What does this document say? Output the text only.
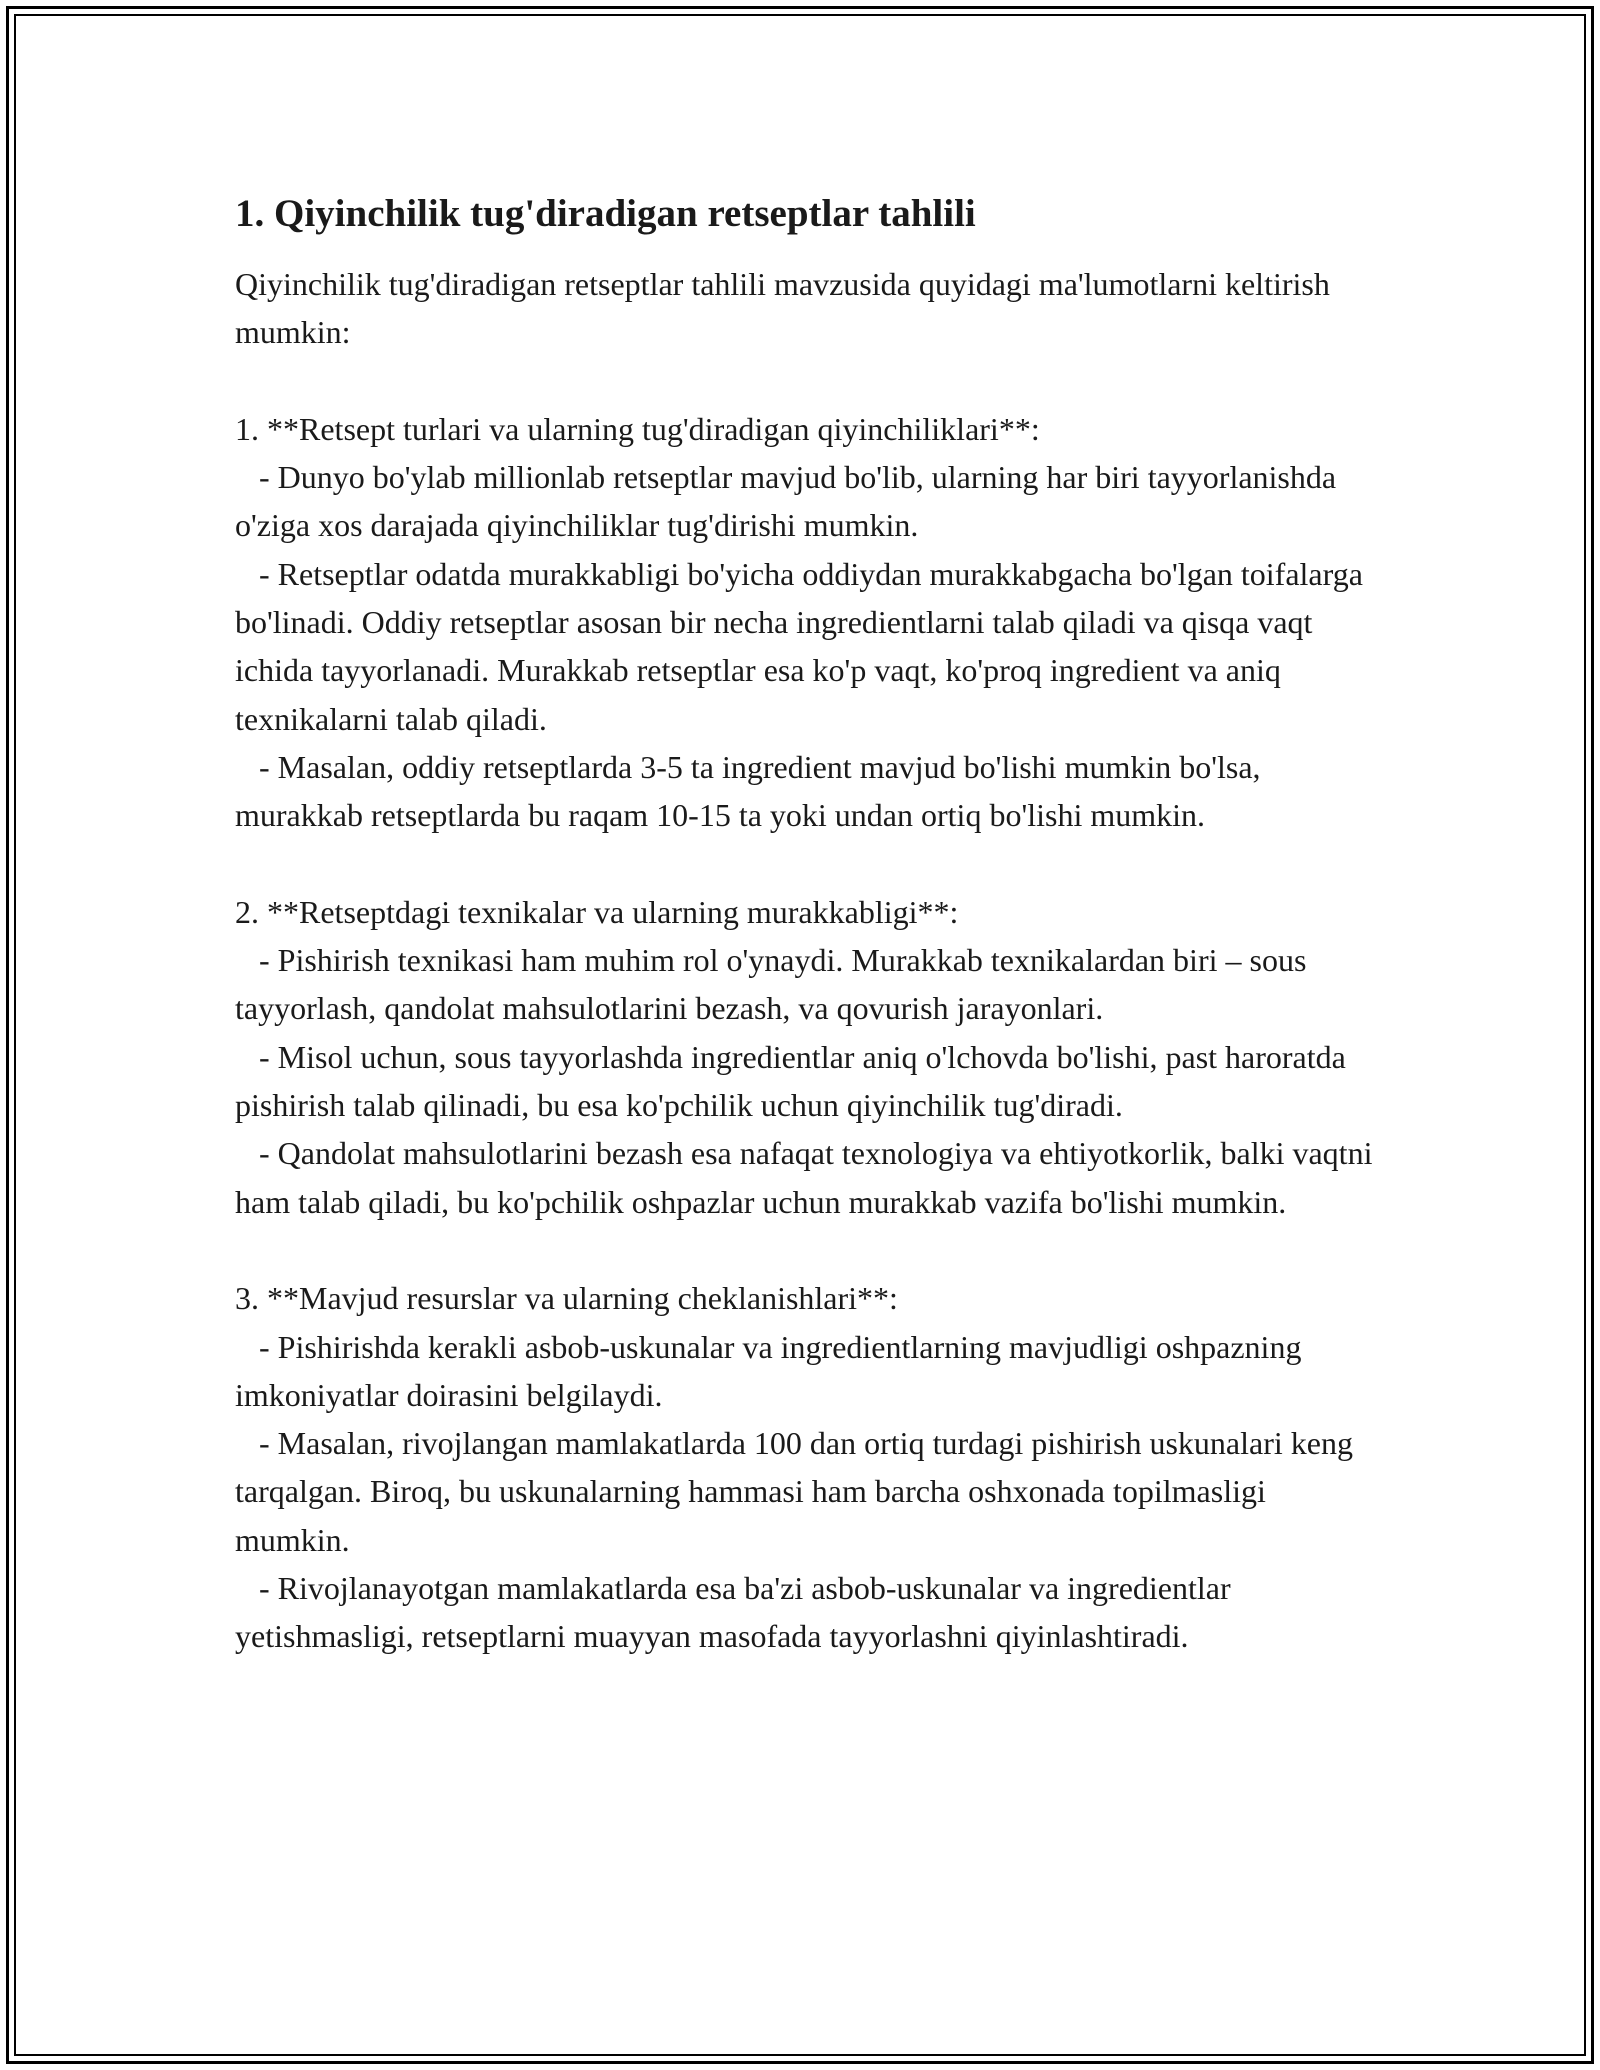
1. Qiyinchilik tug'diradigan retseptlar tahlili

Qiyinchilik tug'diradigan retseptlar tahlili mavzusida quyidagi ma'lumotlarni keltirish mumkin:

1. **Retsept turlari va ularning tug'diradigan qiyinchiliklari**:
- Dunyo bo'ylab millionlab retseptlar mavjud bo'lib, ularning har biri tayyorlanishda o'ziga xos darajada qiyinchiliklar tug'dirishi mumkin.
- Retseptlar odatda murakkabligi bo'yicha oddiydan murakkabgacha bo'lgan toifalarga bo'linadi. Oddiy retseptlar asosan bir necha ingredientlarni talab qiladi va qisqa vaqt ichida tayyorlanadi. Murakkab retseptlar esa ko'p vaqt, ko'proq ingredient va aniq texnikalarni talab qiladi.
- Masalan, oddiy retseptlarda 3-5 ta ingredient mavjud bo'lishi mumkin bo'lsa, murakkab retseptlarda bu raqam 10-15 ta yoki undan ortiq bo'lishi mumkin.

2. **Retseptdagi texnikalar va ularning murakkabligi**:
- Pishirish texnikasi ham muhim rol o'ynaydi. Murakkab texnikalardan biri – sous tayyorlash, qandolat mahsulotlarini bezash, va qovurish jarayonlari.
- Misol uchun, sous tayyorlashda ingredientlar aniq o'lchovda bo'lishi, past haroratda pishirish talab qilinadi, bu esa ko'pchilik uchun qiyinchilik tug'diradi.
- Qandolat mahsulotlarini bezash esa nafaqat texnologiya va ehtiyotkorlik, balki vaqtni ham talab qiladi, bu ko'pchilik oshpazlar uchun murakkab vazifa bo'lishi mumkin.

3. **Mavjud resurslar va ularning cheklanishlari**:
- Pishirishda kerakli asbob-uskunalar va ingredientlarning mavjudligi oshpazning imkoniyatlar doirasini belgilaydi.
- Masalan, rivojlangan mamlakatlarda 100 dan ortiq turdagi pishirish uskunalari keng tarqalgan. Biroq, bu uskunalarning hammasi ham barcha oshxonada topilmasligi mumkin.
- Rivojlanayotgan mamlakatlarda esa ba'zi asbob-uskunalar va ingredientlar yetishmasligi, retseptlarni muayyan masofada tayyorlashni qiyinlashtiradi.
